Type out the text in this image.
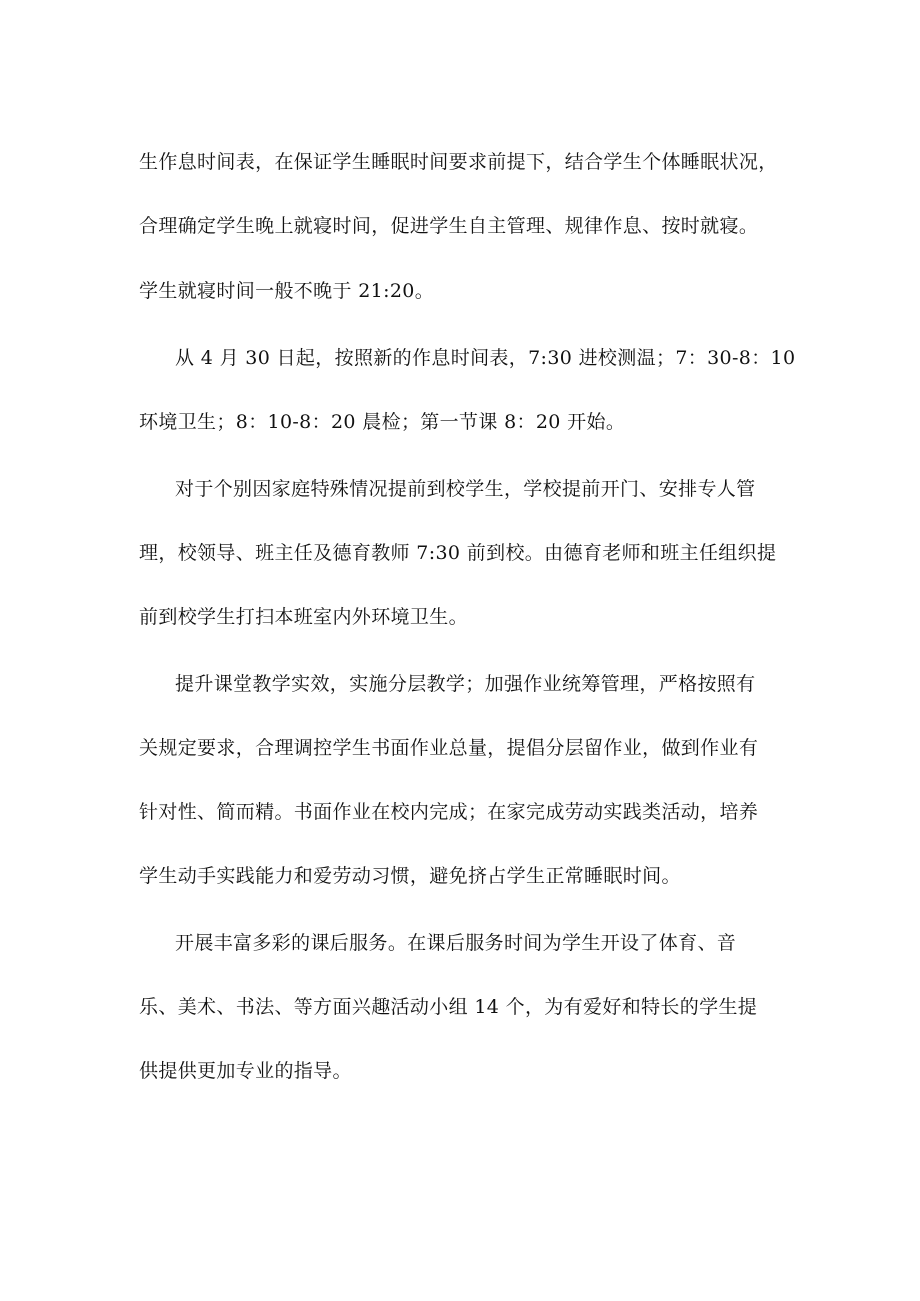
生作息时间表，在保证学生睡眠时间要求前提下，结合学生个体睡眠状况，
合理确定学生晚上就寝时间，促进学生自主管理、规律作息、按时就寝。
学生就寝时间一般不晚于 21:20。
从 4 月 30 日起，按照新的作息时间表，7:30 进校测温；7：30-8：10
环境卫生；8：10-8：20 晨检；第一节课 8：20 开始。
对于个别因家庭特殊情况提前到校学生，学校提前开门、安排专人管
理，校领导、班主任及德育教师 7:30 前到校。由德育老师和班主任组织提
前到校学生打扫本班室内外环境卫生。
提升课堂教学实效，实施分层教学；加强作业统筹管理，严格按照有
关规定要求，合理调控学生书面作业总量，提倡分层留作业，做到作业有
针对性、简而精。书面作业在校内完成；在家完成劳动实践类活动，培养
学生动手实践能力和爱劳动习惯，避免挤占学生正常睡眠时间。
开展丰富多彩的课后服务。在课后服务时间为学生开设了体育、音
乐、美术、书法、等方面兴趣活动小组 14 个，为有爱好和特长的学生提
供提供更加专业的指导。
